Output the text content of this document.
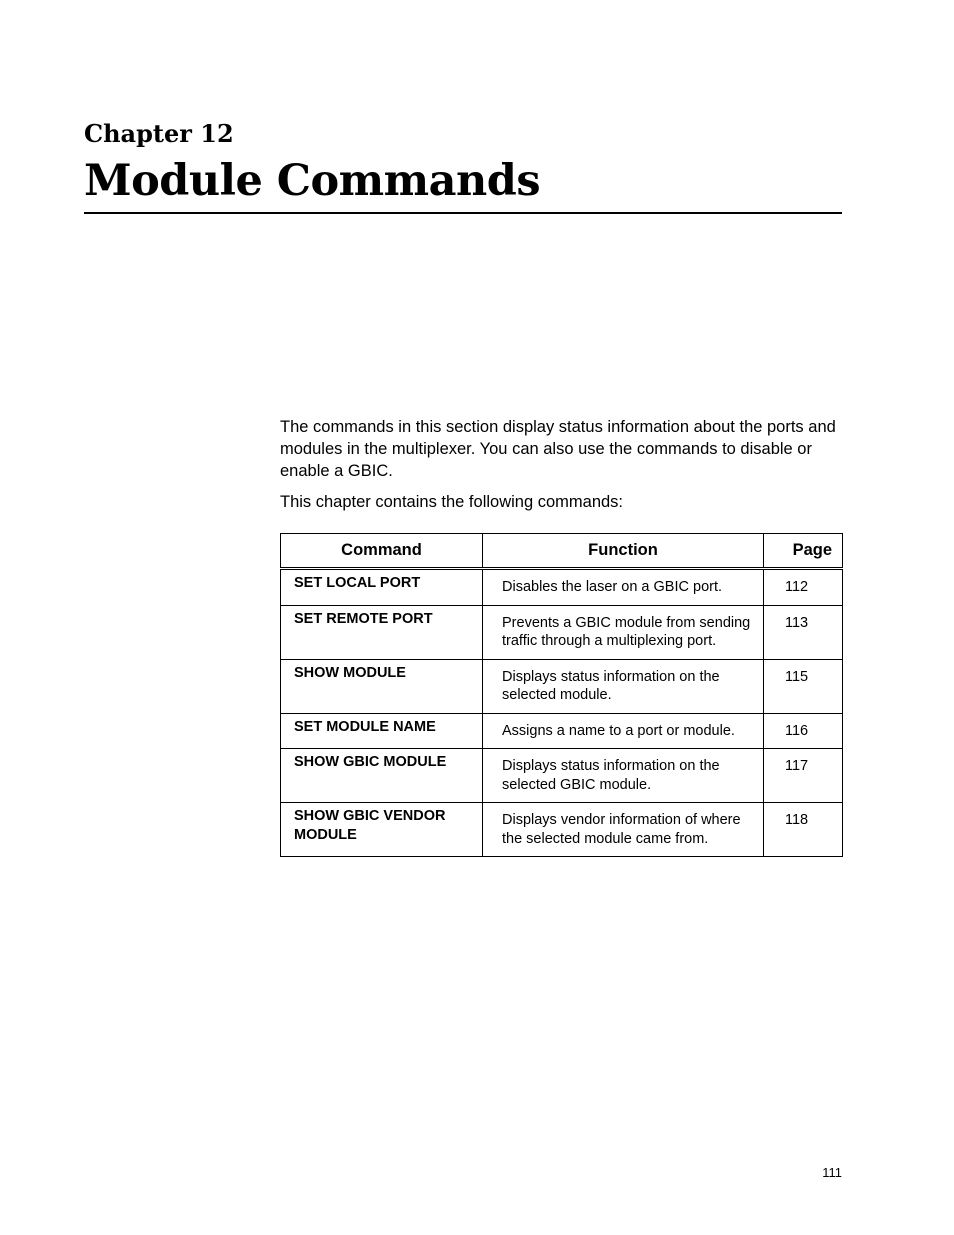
Chapter 12
Module Commands

The commands in this section display status information about the ports and modules in the multiplexer. You can also use the commands to disable or enable a GBIC.

This chapter contains the following commands:

Command	Function	Page
SET LOCAL PORT	Disables the laser on a GBIC port.	112
SET REMOTE PORT	Prevents a GBIC module from sending traffic through a multiplexing port.	113
SHOW MODULE	Displays status information on the selected module.	115
SET MODULE NAME	Assigns a name to a port or module.	116
SHOW GBIC MODULE	Displays status information on the selected GBIC module.	117
SHOW GBIC VENDOR MODULE	Displays vendor information of where the selected module came from.	118
111
